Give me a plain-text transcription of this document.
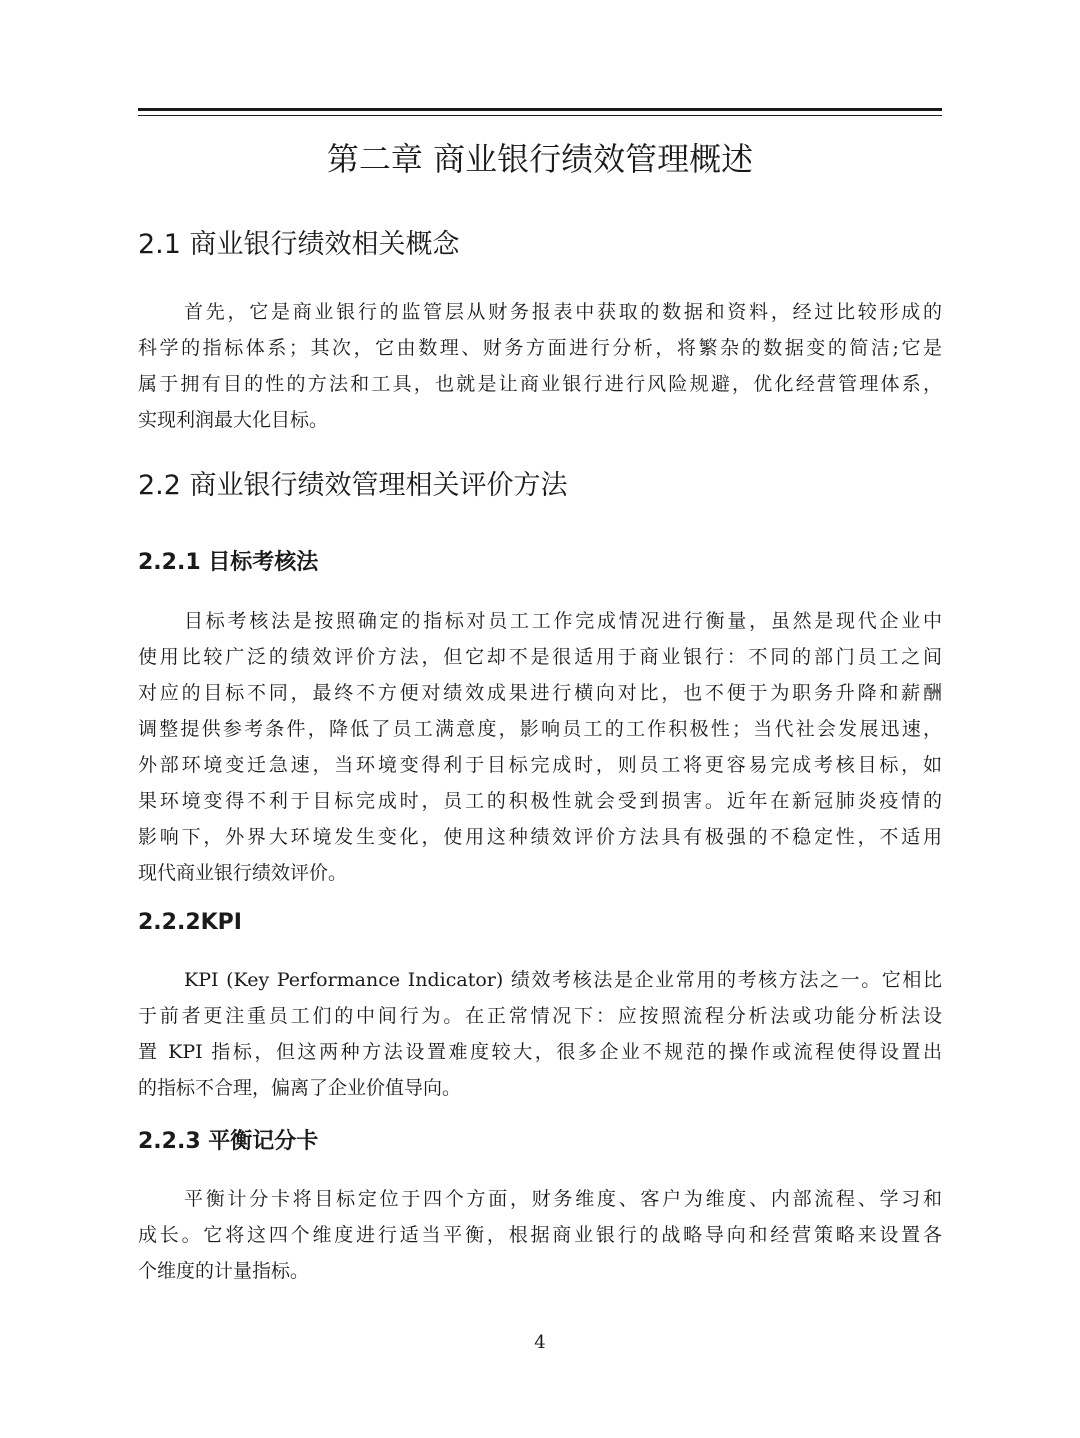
第二章 商业银行绩效管理概述
2.1 商业银行绩效相关概念
首先，它是商业银行的监管层从财务报表中获取的数据和资料，经过比较形成的
科学的指标体系；其次，它由数理、财务方面进行分析，将繁杂的数据变的简洁;它是
属于拥有目的性的方法和工具，也就是让商业银行进行风险规避，优化经营管理体系，
实现利润最大化目标。
2.2 商业银行绩效管理相关评价方法
2.2.1 目标考核法
目标考核法是按照确定的指标对员工工作完成情况进行衡量，虽然是现代企业中
使用比较广泛的绩效评价方法，但它却不是很适用于商业银行：不同的部门员工之间
对应的目标不同，最终不方便对绩效成果进行横向对比，也不便于为职务升降和薪酬
调整提供参考条件，降低了员工满意度，影响员工的工作积极性；当代社会发展迅速，
外部环境变迁急速，当环境变得利于目标完成时，则员工将更容易完成考核目标，如
果环境变得不利于目标完成时，员工的积极性就会受到损害。近年在新冠肺炎疫情的
影响下，外界大环境发生变化，使用这种绩效评价方法具有极强的不稳定性，不适用
现代商业银行绩效评价。
2.2.2KPI
KPI (Key Performance Indicator) 绩效考核法是企业常用的考核方法之一。它相比
于前者更注重员工们的中间行为。在正常情况下：应按照流程分析法或功能分析法设
置 KPI 指标，但这两种方法设置难度较大，很多企业不规范的操作或流程使得设置出
的指标不合理，偏离了企业价值导向。
2.2.3 平衡记分卡
平衡计分卡将目标定位于四个方面，财务维度、客户为维度、内部流程、学习和
成长。它将这四个维度进行适当平衡，根据商业银行的战略导向和经营策略来设置各
个维度的计量指标。
4
